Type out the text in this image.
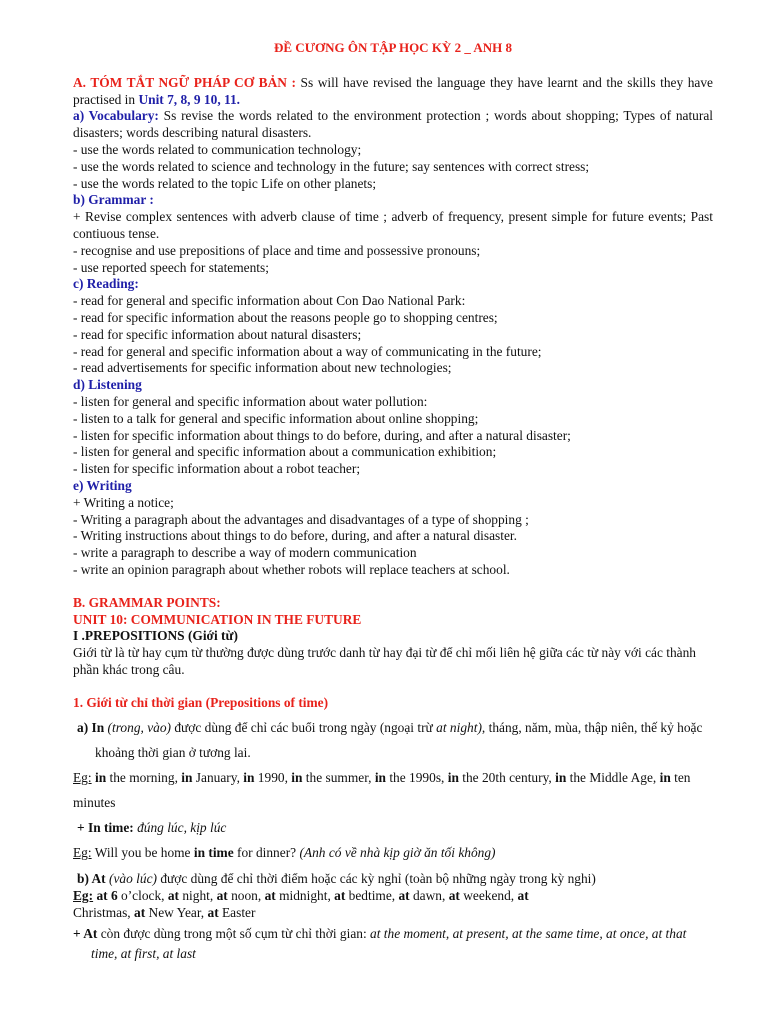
ĐỀ CƯƠNG ÔN TẬP HỌC KỲ 2 _ ANH 8
A. TÓM TẮT NGỮ PHÁP CƠ BẢN : Ss will have revised the language they have learnt and the skills they have practised in Unit 7, 8, 9 10, 11.
a) Vocabulary: Ss revise the words related to the environment protection ; words about shopping; Types of natural disasters; words describing natural disasters.
- use the words related to communication technology;
- use the words related to science and technology in the future; say sentences with correct stress;
- use the words related to the topic Life on other planets;
b) Grammar :
+ Revise complex sentences with adverb clause of time ; adverb of frequency, present simple for future events; Past contiuous tense.
- recognise and use prepositions of place and time and possessive pronouns;
- use reported speech for statements;
c) Reading:
- read for general and specific information about Con Dao National Park:
- read for specific information about the reasons people go to shopping centres;
- read for specific information about natural disasters;
- read for general and specific information about a way of communicating in the future;
- read advertisements for specific information about new technologies;
d) Listening
- listen for general and specific information about water pollution:
- listen to a talk for general and specific information about online shopping;
- listen for specific information about things to do before, during, and after a natural disaster;
- listen for general and specific information about a communication exhibition;
- listen for specific information about a robot teacher;
e) Writing
+ Writing a notice;
- Writing a paragraph about the advantages and disadvantages of a type of shopping ;
- Writing instructions about things to do before, during, and after a natural disaster.
- write a paragraph to describe a way of modern communication
- write an opinion paragraph about whether robots will replace teachers at school.
B. GRAMMAR POINTS:
UNIT 10: COMMUNICATION IN THE FUTURE
I .PREPOSITIONS (Giới từ)
Giới từ là từ hay cụm từ thường được dùng trước danh từ hay đại từ để chỉ mối liên hệ giữa các từ này với các thành phần khác trong câu.
1. Giới từ chỉ thời gian (Prepositions of time)
a) In (trong, vào) được dùng để chỉ các buổi trong ngày (ngoại trừ at night), tháng, năm, mùa, thập niên, thế kỷ hoặc khoảng thời gian ở tương lai.
Eg: in the morning, in January, in 1990, in the summer, in the 1990s, in the 20th century, in the Middle Age, in ten minutes
+ In time: đúng lúc, kịp lúc
Eg: Will you be home in time for dinner? (Anh có về nhà kịp giờ ăn tối không)
b) At (vào lúc) được dùng để chỉ thời điểm hoặc các kỳ nghỉ (toàn bộ những ngày trong kỳ nghi)
Eg: at 6 o’clock, at night, at noon, at midnight, at bedtime, at dawn, at weekend, at Christmas, at New Year, at Easter
+ At còn được dùng trong một số cụm từ chỉ thời gian: at the moment, at present, at the same time, at once, at that time, at first, at last
